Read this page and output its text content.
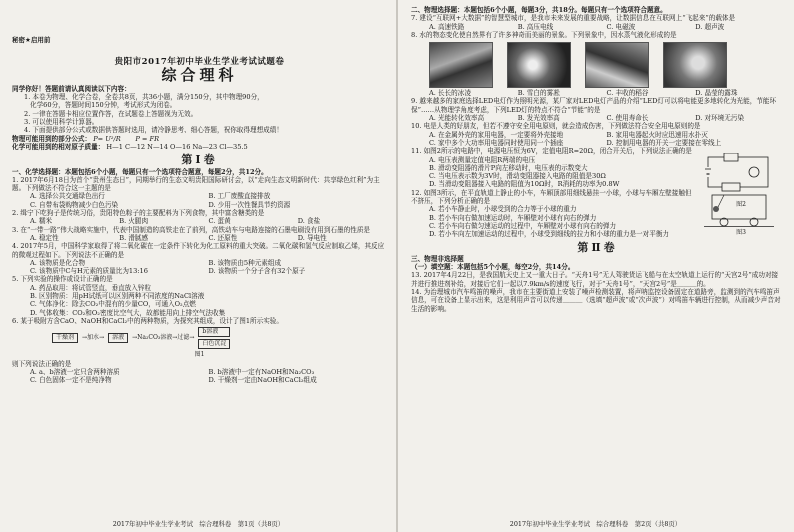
秘密★启用前
贵阳市2017年初中毕业生学业考试试题卷
综合理科
同学你好！答题前请认真阅读以下内容：
1. 本卷为物理、化学合卷，全卷共8页，共36小题，满分150分，其中物理90分，
化学60分，答题时间150分钟，考试形式为闭卷。
2. 一律在答题卡相应位置作答，在试题卷上答题视为无效。
3. 可以使用科学计算器。
4. 下面提供部分公式或数据供答题时选用，请冷静思考、细心答题，祝你取得理想成绩！
物理可能用到的部分公式： P= U²/R P = FR
化学可能用到的相对原子质量： H—1 C—12 N—14 O—16 Na—23 Cl—35.5
第Ⅰ卷
一、化学选择题：本题包括6个小题，每题只有一个选项符合题意，每题2分，共12分。
1. 2017年6月18日为首个“贵州生态日”，同期举行的生态文明贵阳国际研讨会，以“走向生态文明新时代：共享绿色红利”为主题。下列做法不符合这一主题的是
A. 选择公共交通绿色出行	B. 工厂废酸直接排放
C. 自带布袋购物减少白色污染	D. 少用一次性餐具节约资源
2. 缉宁下吃狗子是传统习俗，贵阳特色粽子的主要配料为下列食物，其中富含糖类的是
A. 糯米	B. 火腿肉	C. 蛋黄	D. 食盐
3. 在“一带一路”伟大战略实施中，代表中国制造的高铁走在了前列，高铁动车与电路连接的石墨电刷没有用到石墨的性质是
A. 稳定性	B. 滑腻感	C. 还原性	D. 导电性
4. 2017年5月，中国科学家取得了将二氧化碳在一定条件下转化为化工原料的重大突破。二氧化碳和氢气反应制取乙烯，其反应的微观过程如下。下列说法不正确的是
A. 该物质是化合物	B. 该物质由5种元素组成
C. 该物质中C与H元素的质量比为13:16	D. 该物质一个分子含有32个原子
5. 下列实验的操作或设计正确的是
A. 药品取用：将试管竖直，垂直放入锌粒
B. 区别物质：用pH试纸可以区别两种不同浓度的NaCl溶液
C. 气体净化：除去CO₂中混有的少量CO，可通入O₂点燃
D. 气体收集：CO₂和O₂密度比空气大，故都能用向上排空气法收集
6. 某于吸附方含CaO、NaOH和CaCl₂中的两种物质，为探究其组成，设计了图1所示实验。
干燥剂	→加水→	溶液	→Na₂CO₃溶液→过滤→
b溶液
白色沉淀
图1
则下列说法正确的是
A. a、b溶液一定只含两种溶质	B. b溶液中一定有NaOH和Na₂CO₃
C. 白色固体一定不是纯净物	D. 干燥剂一定由NaOH和CaCl₂组成
2017年初中毕业生学业考试　综合理科卷　第1页（共8页）
二、物理选择题：本题包括6个小题，每题3分，共18分。每题只有一个选项符合题意。
7. 建设“互联网+大数据”的智慧型城市，是我市未来发展的重要战略，让数据信息在互联网上“飞起来”的载体是
A. 高速铁路	B. 高压电线	C. 电磁波	D. 超声波
8. 水的物态变化使自然界有了许多神奇而美丽的景象。下列景象中，因水蒸气液化形成的是
A. 长长的冰凌	B. 雪白的雾凇	C. 丰收的稻谷	D. 晶莹的露珠
9. 越来越多的家庭选择LED电灯作为照明光源，某厂家对LED电灯产品的介绍“LED灯可以将电能更多地转化为光能，节能环保”……从物理学角度考虑，下列LED灯的特点不符合“节能”的是
A. 光能转化效率高	B. 发光效率高	C. 使用寿命长	D. 对环境无污染
10. 电是人类的好朋友，但若不遵守安全用电原则，就会造成伤害，下列做法符合安全用电原则的是
A. 在金属外壳的家用电器，一定要将外壳接地	B. 家用电器起火时应迅速用水扑灭
C. 家中多个大功率用电器同时使用同一个插座	D. 控制用电器的开关一定要接在零线上
11. 如图2所示的电路中，电源电压恒为6V，定值电阻R=20Ω，闭合开关后，下列说法正确的是
A. 电压表测量定值电阻R两端的电压
B. 滑动变阻器的滑片P向左移动时，电压表的示数变大
C. 当电压表示数为3V时，滑动变阻器接入电路的阻值是30Ω
D. 当滑动变阻器接入电路的阻值为10Ω时，R消耗的功率为0.8W
图2
12. 如图3所示，在平直轨道上静止的小车，车厢顶部用细线悬挂一小球，小球与车厢左壁接触但不挤压，下列分析正确的是
A. 若小车静止时，小球受到的合力等于小球的重力
B. 若小车向右做加速运动时，车厢壁对小球有向右的弹力
C. 若小车向右做匀速运动的过程中，车厢壁对小球有向右的弹力
D. 若小车向左加速运动的过程中，小球受到细线的拉力和小球的重力是一对平衡力	图3
第Ⅱ卷
三、物理非选择题
（一）填空题：本题包括5个小题，每空2分，共14分。
13. 2017年4月22日，是我国航天史上又一重大日子。“天舟1号”无人驾驶货运飞船与在太空轨道上运行的“天宫2号”成功对接并进行推进剂补给，对接后它们一起以7.9km/s的速度飞行，对于“天舟1号”，“天宫2号”是＿＿＿的。
14. 为治理城市汽车鸣笛的噪声，我市在主要街道上安装了噪声检测装置，将声呐监控设备固定在道路旁，监测到的汽车鸣笛声信息，可在设备上显示出来，这是利用声音可以传递＿＿＿（选填“超声波”或“次声波”）对鸣笛车辆进行控制，从而减少声音对生活的影响。
2017年初中毕业生学业考试　综合理科卷　第2页（共8页）
